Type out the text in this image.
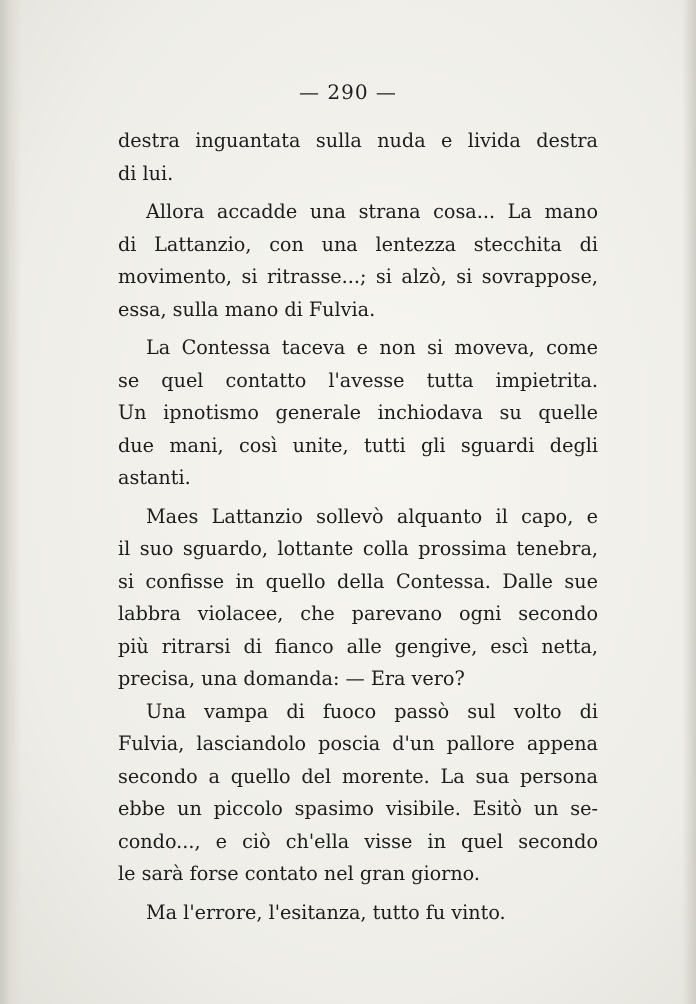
— 290 —
destra inguantata sulla nuda e livida destra
di lui.
Allora accadde una strana cosa... La mano
di Lattanzio, con una lentezza stecchita di
movimento, si ritrasse...; si alzò, si sovrappose,
essa, sulla mano di Fulvia.
La Contessa taceva e non si moveva, come
se quel contatto l'avesse tutta impietrita.
Un ipnotismo generale inchiodava su quelle
due mani, così unite, tutti gli sguardi degli
astanti.
Maes Lattanzio sollevò alquanto il capo, e
il suo sguardo, lottante colla prossima tenebra,
si confisse in quello della Contessa. Dalle sue
labbra violacee, che parevano ogni secondo
più ritrarsi di fianco alle gengive, escì netta,
precisa, una domanda: — Era vero?
Una vampa di fuoco passò sul volto di
Fulvia, lasciandolo poscia d'un pallore appena
secondo a quello del morente. La sua persona
ebbe un piccolo spasimo visibile. Esitò un se-
condo..., e ciò ch'ella visse in quel secondo
le sarà forse contato nel gran giorno.
Ma l'errore, l'esitanza, tutto fu vinto.
